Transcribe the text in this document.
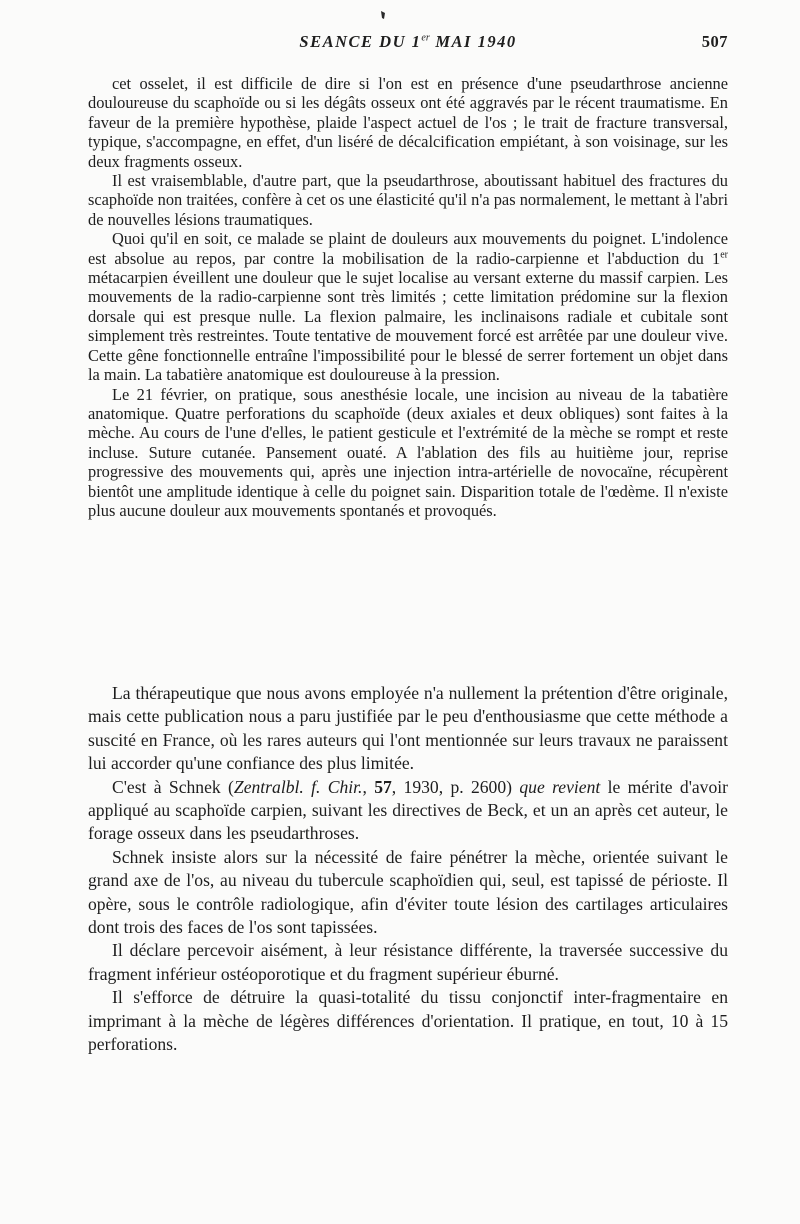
SEANCE DU 1er MAI 1940	507

cet osselet, il est difficile de dire si l'on est en présence d'une pseudarthrose ancienne douloureuse du scaphoïde ou si les dégâts osseux ont été aggravés par le récent traumatisme. En faveur de la première hypothèse, plaide l'aspect actuel de l'os ; le trait de fracture transversal, typique, s'accompagne, en effet, d'un liséré de décalcification empiétant, à son voisinage, sur les deux fragments osseux.

Il est vraisemblable, d'autre part, que la pseudarthrose, aboutissant habituel des fractures du scaphoïde non traitées, confère à cet os une élasticité qu'il n'a pas normalement, le mettant à l'abri de nouvelles lésions traumatiques.

Quoi qu'il en soit, ce malade se plaint de douleurs aux mouvements du poignet. L'indolence est absolue au repos, par contre la mobilisation de la radio-carpienne et l'abduction du 1er métacarpien éveillent une douleur que le sujet localise au versant externe du massif carpien. Les mouvements de la radio-carpienne sont très limités ; cette limitation prédomine sur la flexion dorsale qui est presque nulle. La flexion palmaire, les inclinaisons radiale et cubitale sont simplement très restreintes. Toute tentative de mouvement forcé est arrêtée par une douleur vive. Cette gêne fonctionnelle entraîne l'impossibilité pour le blessé de serrer fortement un objet dans la main. La tabatière anatomique est douloureuse à la pression.

Le 21 février, on pratique, sous anesthésie locale, une incision au niveau de la tabatière anatomique. Quatre perforations du scaphoïde (deux axiales et deux obliques) sont faites à la mèche. Au cours de l'une d'elles, le patient gesticule et l'extrémité de la mèche se rompt et reste incluse. Suture cutanée. Pansement ouaté. A l'ablation des fils au huitième jour, reprise progressive des mouvements qui, après une injection intra-artérielle de novocaïne, récupèrent bientôt une amplitude identique à celle du poignet sain. Disparition totale de l'œdème. Il n'existe plus aucune douleur aux mouvements spontanés et provoqués.

La thérapeutique que nous avons employée n'a nullement la prétention d'être originale, mais cette publication nous a paru justifiée par le peu d'enthousiasme que cette méthode a suscité en France, où les rares auteurs qui l'ont mentionnée sur leurs travaux ne paraissent lui accorder qu'une confiance des plus limitée.

C'est à Schnek (Zentralbl. f. Chir., 57, 1930, p. 2600) que revient le mérite d'avoir appliqué au scaphoïde carpien, suivant les directives de Beck, et un an après cet auteur, le forage osseux dans les pseudarthroses.

Schnek insiste alors sur la nécessité de faire pénétrer la mèche, orientée suivant le grand axe de l'os, au niveau du tubercule scaphoïdien qui, seul, est tapissé de périoste. Il opère, sous le contrôle radiologique, afin d'éviter toute lésion des cartilages articulaires dont trois des faces de l'os sont tapissées.

Il déclare percevoir aisément, à leur résistance différente, la traversée successive du fragment inférieur ostéoporotique et du fragment supérieur éburné.

Il s'efforce de détruire la quasi-totalité du tissu conjonctif inter-fragmentaire en imprimant à la mèche de légères différences d'orientation. Il pratique, en tout, 10 à 15 perforations.
